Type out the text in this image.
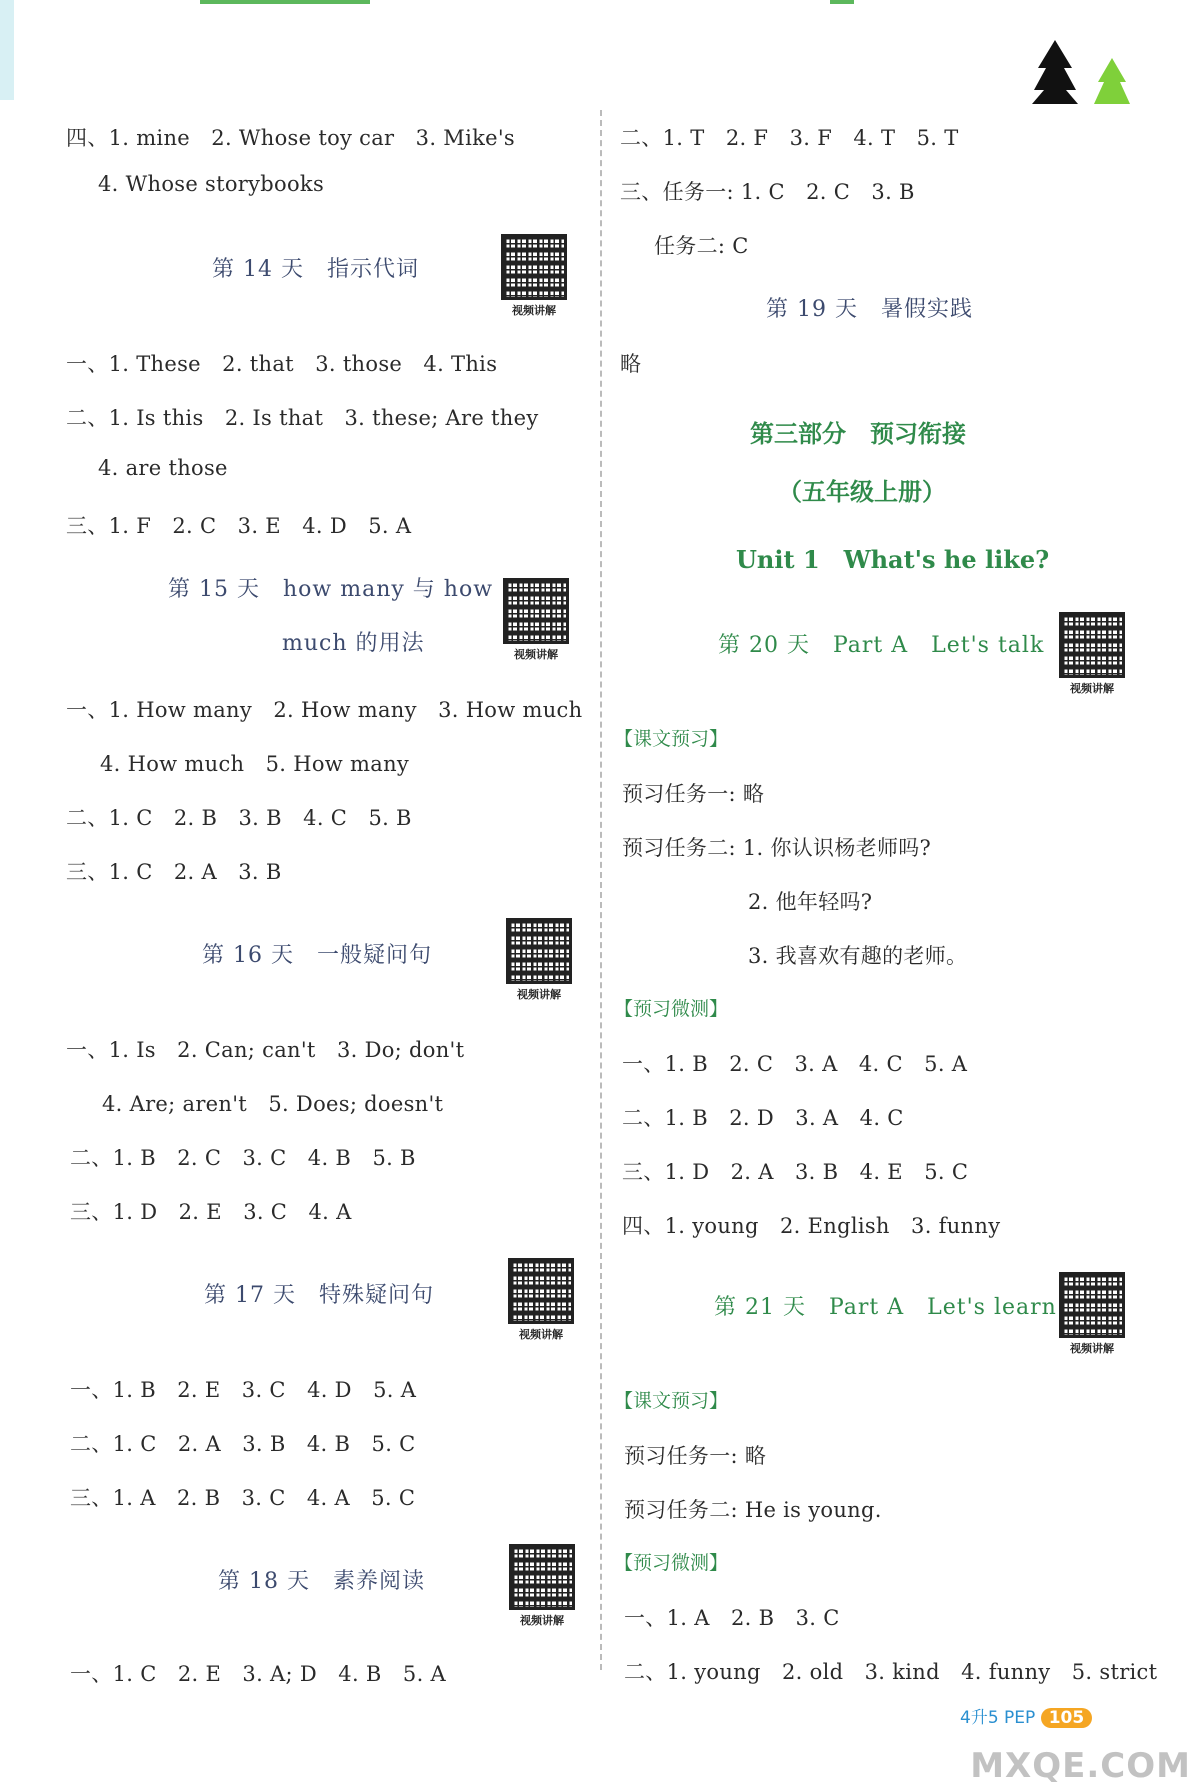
四、1. mine　2. Whose toy car　3. Mike's
4. Whose storybooks
第 14 天　指示代词
视频讲解
一、1. These　2. that　3. those　4. This
二、1. Is this　2. Is that　3. these; Are they
4. are those
三、1. F　2. C　3. E　4. D　5. A
第 15 天　how many 与 how
much 的用法	视频讲解
一、1. How many　2. How many　3. How much
4. How much　5. How many
二、1. C　2. B　3. B　4. C　5. B
三、1. C　2. A　3. B
第 16 天　一般疑问句
视频讲解
一、1. Is　2. Can; can't　3. Do; don't
4. Are; aren't　5. Does; doesn't
二、1. B　2. C　3. C　4. B　5. B
三、1. D　2. E　3. C　4. A
第 17 天　特殊疑问句
视频讲解
一、1. B　2. E　3. C　4. D　5. A
二、1. C　2. A　3. B　4. B　5. C
三、1. A　2. B　3. C　4. A　5. C
第 18 天　素养阅读
视频讲解
一、1. C　2. E　3. A; D　4. B　5. A
二、1. T　2. F　3. F　4. T　5. T
三、任务一: 1. C　2. C　3. B
任务二: C
第 19 天　暑假实践
略
第三部分　预习衔接
（五年级上册）
Unit 1　What's he like?
第 20 天　Part A　Let's talk
视频讲解
【课文预习】
预习任务一: 略
预习任务二: 1. 你认识杨老师吗?
2. 他年轻吗?
3. 我喜欢有趣的老师。
【预习微测】
一、1. B　2. C　3. A　4. C　5. A
二、1. B　2. D　3. A　4. C
三、1. D　2. A　3. B　4. E　5. C
四、1. young　2. English　3. funny
第 21 天　Part A　Let's learn
视频讲解
【课文预习】
预习任务一: 略
预习任务二: He is young.
【预习微测】
一、1. A　2. B　3. C
二、1. young　2. old　3. kind　4. funny　5. strict
4升5 PEP 105
MXQE.COM
